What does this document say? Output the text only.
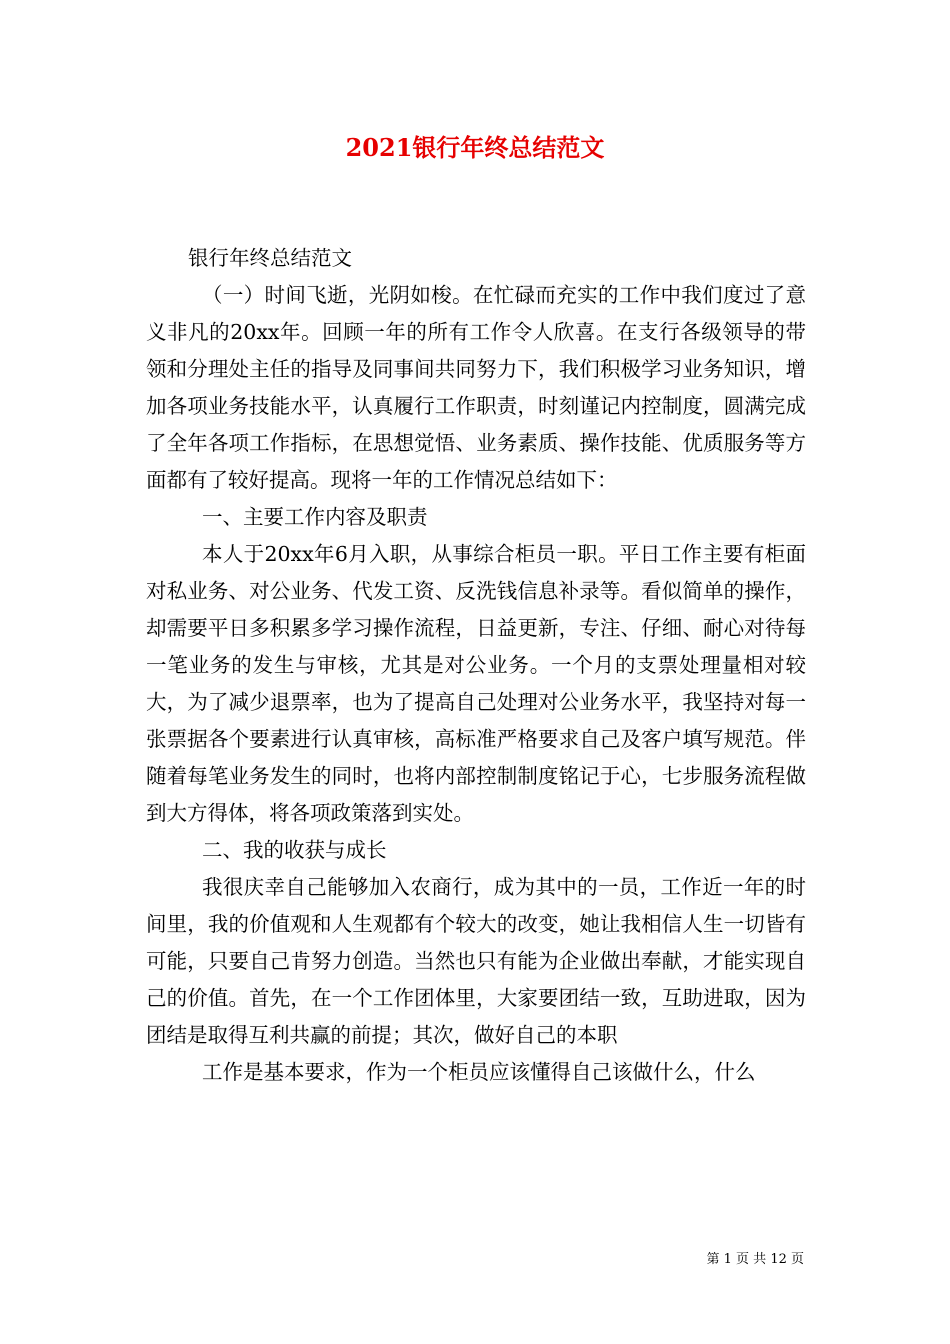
2021银行年终总结范文

银行年终总结范文

（一）时间飞逝，光阴如梭。在忙碌而充实的工作中我们度过了意义非凡的20xx年。回顾一年的所有工作令人欣喜。在支行各级领导的带领和分理处主任的指导及同事间共同努力下，我们积极学习业务知识，增加各项业务技能水平，认真履行工作职责，时刻谨记内控制度，圆满完成了全年各项工作指标，在思想觉悟、业务素质、操作技能、优质服务等方面都有了较好提高。现将一年的工作情况总结如下：

一、主要工作内容及职责

本人于20xx年6月入职，从事综合柜员一职。平日工作主要有柜面对私业务、对公业务、代发工资、反洗钱信息补录等。看似简单的操作，却需要平日多积累多学习操作流程，日益更新，专注、仔细、耐心对待每一笔业务的发生与审核，尤其是对公业务。一个月的支票处理量相对较大，为了减少退票率，也为了提高自己处理对公业务水平，我坚持对每一张票据各个要素进行认真审核，高标准严格要求自己及客户填写规范。伴随着每笔业务发生的同时，也将内部控制制度铭记于心，七步服务流程做到大方得体，将各项政策落到实处。

二、我的收获与成长

我很庆幸自己能够加入农商行，成为其中的一员，工作近一年的时间里，我的价值观和人生观都有个较大的改变，她让我相信人生一切皆有可能，只要自己肯努力创造。当然也只有能为企业做出奉献，才能实现自己的价值。首先，在一个工作团体里，大家要团结一致，互助进取，因为团结是取得互利共赢的前提；其次，做好自己的本职

工作是基本要求，作为一个柜员应该懂得自己该做什么，什么

第 1 页 共 12 页
